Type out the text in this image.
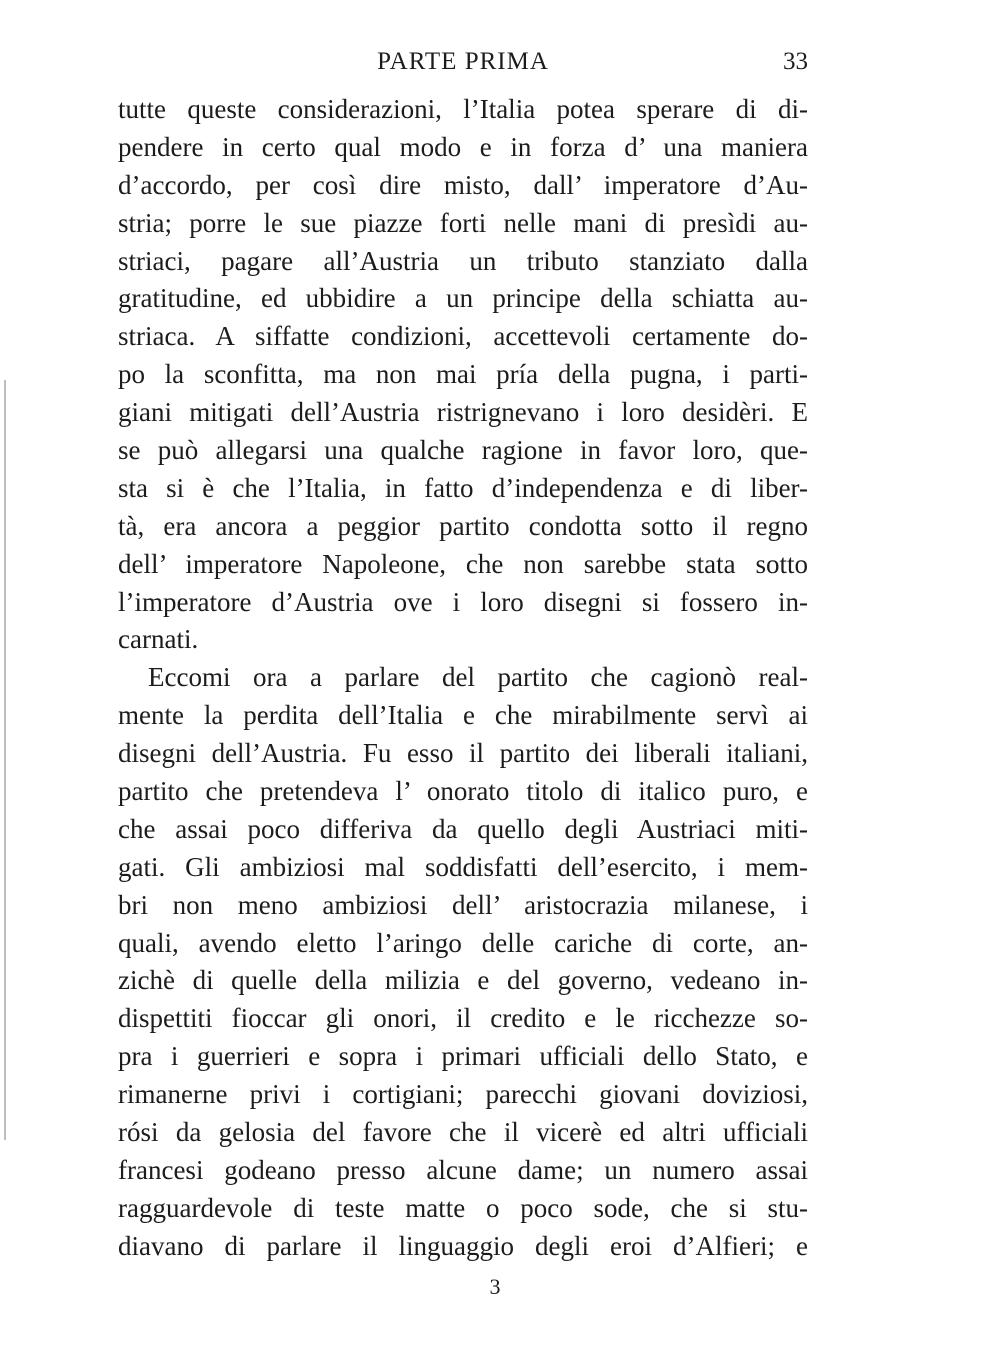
PARTE PRIMA	33
tutte queste considerazioni, l’Italia potea sperare di di-
pendere in certo qual modo e in forza d’ una maniera
d’accordo, per così dire misto, dall’ imperatore d’Au-
stria; porre le sue piazze forti nelle mani di presìdi au-
striaci, pagare all’Austria un tributo stanziato dalla
gratitudine, ed ubbidire a un principe della schiatta au-
striaca. A siffatte condizioni, accettevoli certamente do-
po la sconfitta, ma non mai pría della pugna, i parti-
giani mitigati dell’Austria ristrignevano i loro desidèri. E
se può allegarsi una qualche ragione in favor loro, que-
sta si è che l’Italia, in fatto d’independenza e di liber-
tà, era ancora a peggior partito condotta sotto il regno
dell’ imperatore Napoleone, che non sarebbe stata sotto
l’imperatore d’Austria ove i loro disegni si fossero in-
carnati.
Eccomi ora a parlare del partito che cagionò real-
mente la perdita dell’Italia e che mirabilmente servì ai
disegni dell’Austria. Fu esso il partito dei liberali italiani,
partito che pretendeva l’ onorato titolo di italico puro, e
che assai poco differiva da quello degli Austriaci miti-
gati. Gli ambiziosi mal soddisfatti dell’esercito, i mem-
bri non meno ambiziosi dell’ aristocrazia milanese, i
quali, avendo eletto l’aringo delle cariche di corte, an-
zichè di quelle della milizia e del governo, vedeano in-
dispettiti fioccar gli onori, il credito e le ricchezze so-
pra i guerrieri e sopra i primari ufficiali dello Stato, e
rimanerne privi i cortigiani; parecchi giovani doviziosi,
rósi da gelosia del favore che il vicerè ed altri ufficiali
francesi godeano presso alcune dame; un numero assai
ragguardevole di teste matte o poco sode, che si stu-
diavano di parlare il linguaggio degli eroi d’Alfieri; e
3
